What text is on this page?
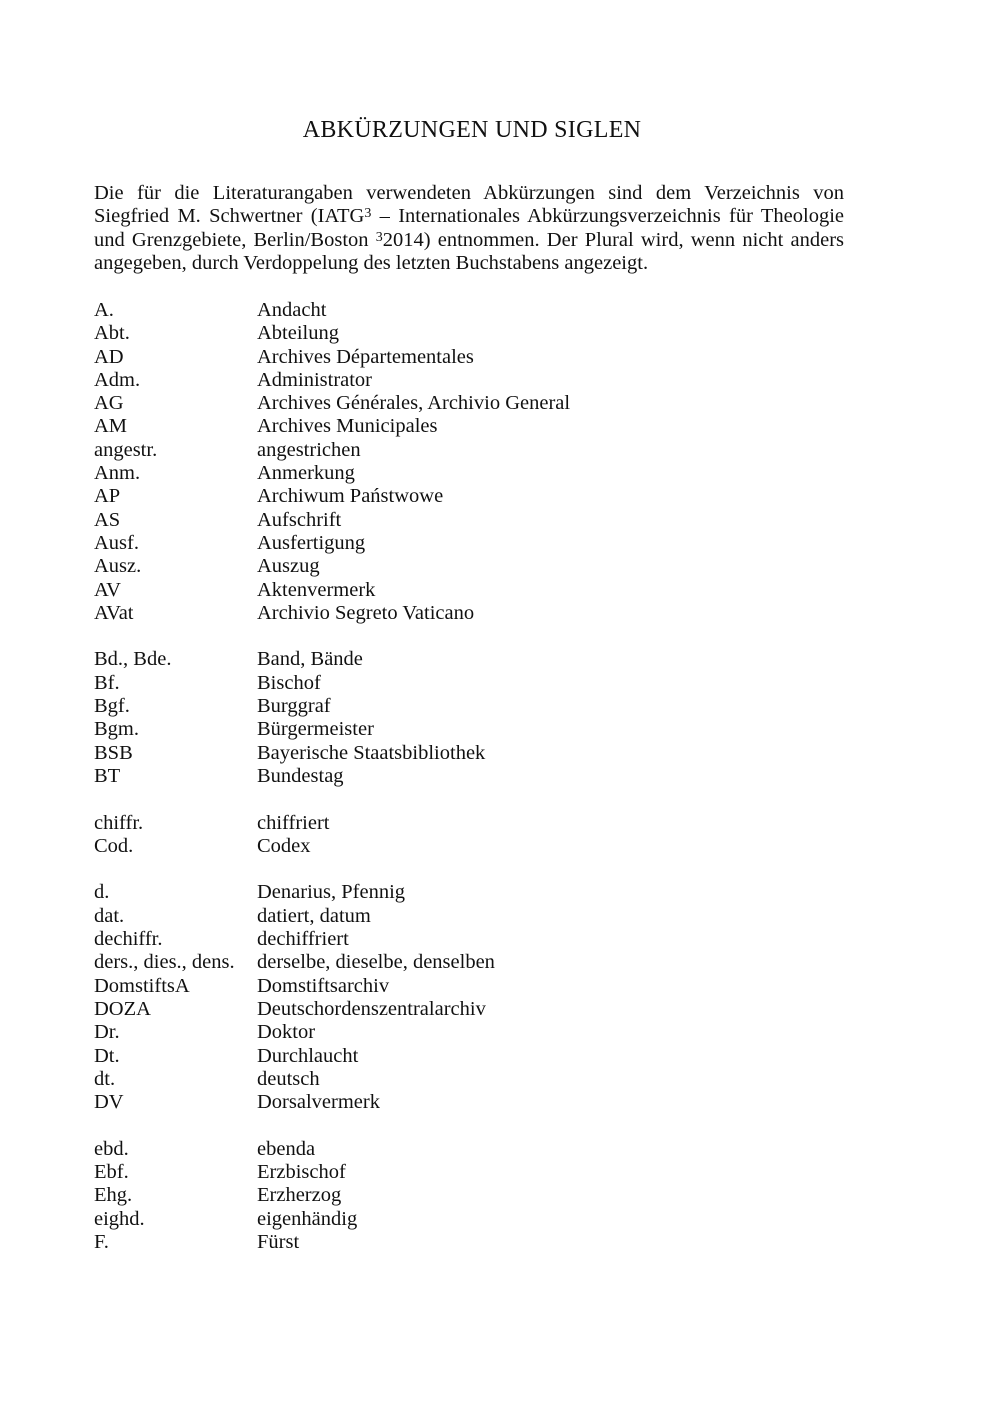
ABKÜRZUNGEN UND SIGLEN

Die für die Literaturangaben verwendeten Abkürzungen sind dem Verzeichnis von Siegfried M. Schwertner (IATG$^3$ – Internationales Abkürzungsverzeichnis für Theologie und Grenzgebiete, Berlin/Boston $^3$2014) entnommen. Der Plural wird, wenn nicht anders angegeben, durch Verdoppelung des letzten Buchstabens angezeigt.

A.	Andacht
Abt.	Abteilung
AD	Archives Départementales
Adm.	Administrator
AG	Archives Générales, Archivio General
AM	Archives Municipales
angestr.	angestrichen
Anm.	Anmerkung
AP	Archiwum Państwowe
AS	Aufschrift
Ausf.	Ausfertigung
Ausz.	Auszug
AV	Aktenvermerk
AVat	Archivio Segreto Vaticano
Bd., Bde.	Band, Bände
Bf.	Bischof
Bgf.	Burggraf
Bgm.	Bürgermeister
BSB	Bayerische Staatsbibliothek
BT	Bundestag
chiffr.	chiffriert
Cod.	Codex
d.	Denarius, Pfennig
dat.	datiert, datum
dechiffr.	dechiffriert
ders., dies., dens.	derselbe, dieselbe, denselben
DomstiftsA	Domstiftsarchiv
DOZA	Deutschordenszentralarchiv
Dr.	Doktor
Dt.	Durchlaucht
dt.	deutsch
DV	Dorsalvermerk
ebd.	ebenda
Ebf.	Erzbischof
Ehg.	Erzherzog
eighd.	eigenhändig
F.	Fürst
